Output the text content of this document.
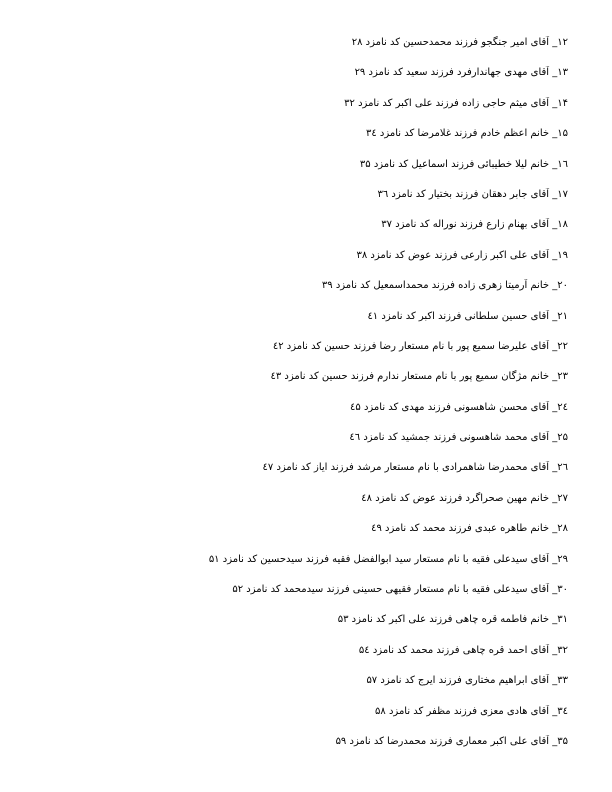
۱۲_ آقای امیر جنگجو فرزند محمدحسین کد نامزد ۲۸
۱۳_ آقای مهدی جهاندارفرد فرزند سعید کد نامزد ۲۹
۱۴_ آقای میثم حاجی زاده فرزند علی اکبر کد نامزد ۳۲
۱۵_ خانم اعظم خادم فرزند غلامرضا کد نامزد ۳٤
۱٦_ خانم لیلا خطیبائی فرزند اسماعیل کد نامزد ۳۵
۱۷_ آقای جابر دهقان فرزند بختیار کد نامزد ۳٦
۱۸_ آقای بهنام زارع فرزند نوراله کد نامزد ۳۷
۱۹_ آقای علی اکبر زارعی فرزند عوض کد نامزد ۳۸
۲۰_ خانم آرمیتا زهری زاده فرزند محمداسمعیل کد نامزد ۳۹
۲۱_ آقای حسین سلطانی فرزند اکبر کد نامزد ٤۱
۲۲_ آقای علیرضا سمیع پور با نام مستعار رضا فرزند حسین کد نامزد ٤۲
۲۳_ خانم مژگان سمیع پور با نام مستعار ندارم فرزند حسین کد نامزد ٤۳
۲٤_ آقای محسن شاهسونی فرزند مهدی کد نامزد ٤۵
۲۵_ آقای محمد شاهسونی فرزند جمشید کد نامزد ٤٦
۲٦_ آقای محمدرضا شاهمرادی با نام مستعار مرشد فرزند ایاز کد نامزد ٤۷
۲۷_ خانم مهین صحراگرد فرزند عوض کد نامزد ٤۸
۲۸_ خانم طاهره عبدی فرزند محمد کد نامزد ٤۹
۲۹_ آقای سیدعلی فقیه با نام مستعار سید ابوالفضل فقیه فرزند سیدحسین کد نامزد ۵۱
۳۰_ آقای سیدعلی فقیه با نام مستعار فقیهی حسینی فرزند سیدمحمد کد نامزد ۵۲
۳۱_ خانم فاطمه قره چاهی فرزند علی اکبر کد نامزد ۵۳
۳۲_ آقای احمد قره چاهی فرزند محمد کد نامزد ۵٤
۳۳_ آقای ابراهیم مختاری فرزند ایرج کد نامزد ۵۷
۳٤_ آقای هادی معزی فرزند مظفر کد نامزد ۵۸
۳۵_ آقای علی اکبر معماری فرزند محمدرضا کد نامزد ۵۹
